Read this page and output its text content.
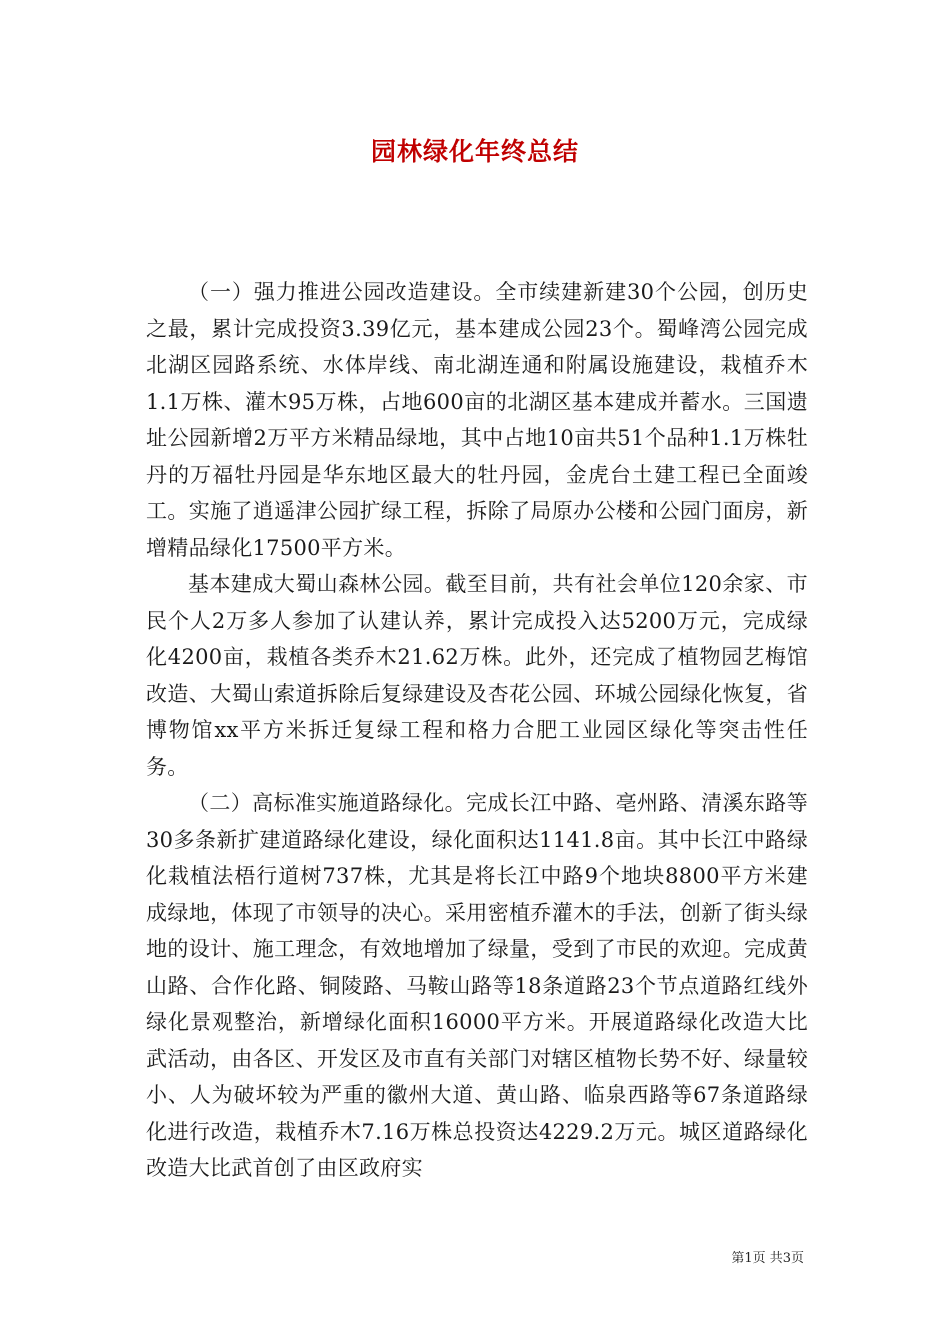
园林绿化年终总结

（一）强力推进公园改造建设。全市续建新建30个公园，创历史之最，累计完成投资3.39亿元，基本建成公园23个。蜀峰湾公园完成北湖区园路系统、水体岸线、南北湖连通和附属设施建设，栽植乔木1.1万株、灌木95万株，占地600亩的北湖区基本建成并蓄水。三国遗址公园新增2万平方米精品绿地，其中占地10亩共51个品种1.1万株牡丹的万福牡丹园是华东地区最大的牡丹园，金虎台土建工程已全面竣工。实施了逍遥津公园扩绿工程，拆除了局原办公楼和公园门面房，新增精品绿化17500平方米。

基本建成大蜀山森林公园。截至目前，共有社会单位120余家、市民个人2万多人参加了认建认养，累计完成投入达5200万元，完成绿化4200亩，栽植各类乔木21.62万株。此外，还完成了植物园艺梅馆改造、大蜀山索道拆除后复绿建设及杏花公园、环城公园绿化恢复，省博物馆xx平方米拆迁复绿工程和格力合肥工业园区绿化等突击性任务。

（二）高标准实施道路绿化。完成长江中路、亳州路、清溪东路等30多条新扩建道路绿化建设，绿化面积达1141.8亩。其中长江中路绿化栽植法梧行道树737株，尤其是将长江中路9个地块8800平方米建成绿地，体现了市领导的决心。采用密植乔灌木的手法，创新了街头绿地的设计、施工理念，有效地增加了绿量，受到了市民的欢迎。完成黄山路、合作化路、铜陵路、马鞍山路等18条道路23个节点道路红线外绿化景观整治，新增绿化面积16000平方米。开展道路绿化改造大比武活动，由各区、开发区及市直有关部门对辖区植物长势不好、绿量较小、人为破坏较为严重的徽州大道、黄山路、临泉西路等67条道路绿化进行改造，栽植乔木7.16万株总投资达4229.2万元。城区道路绿化改造大比武首创了由区政府实

第1页 共3页
